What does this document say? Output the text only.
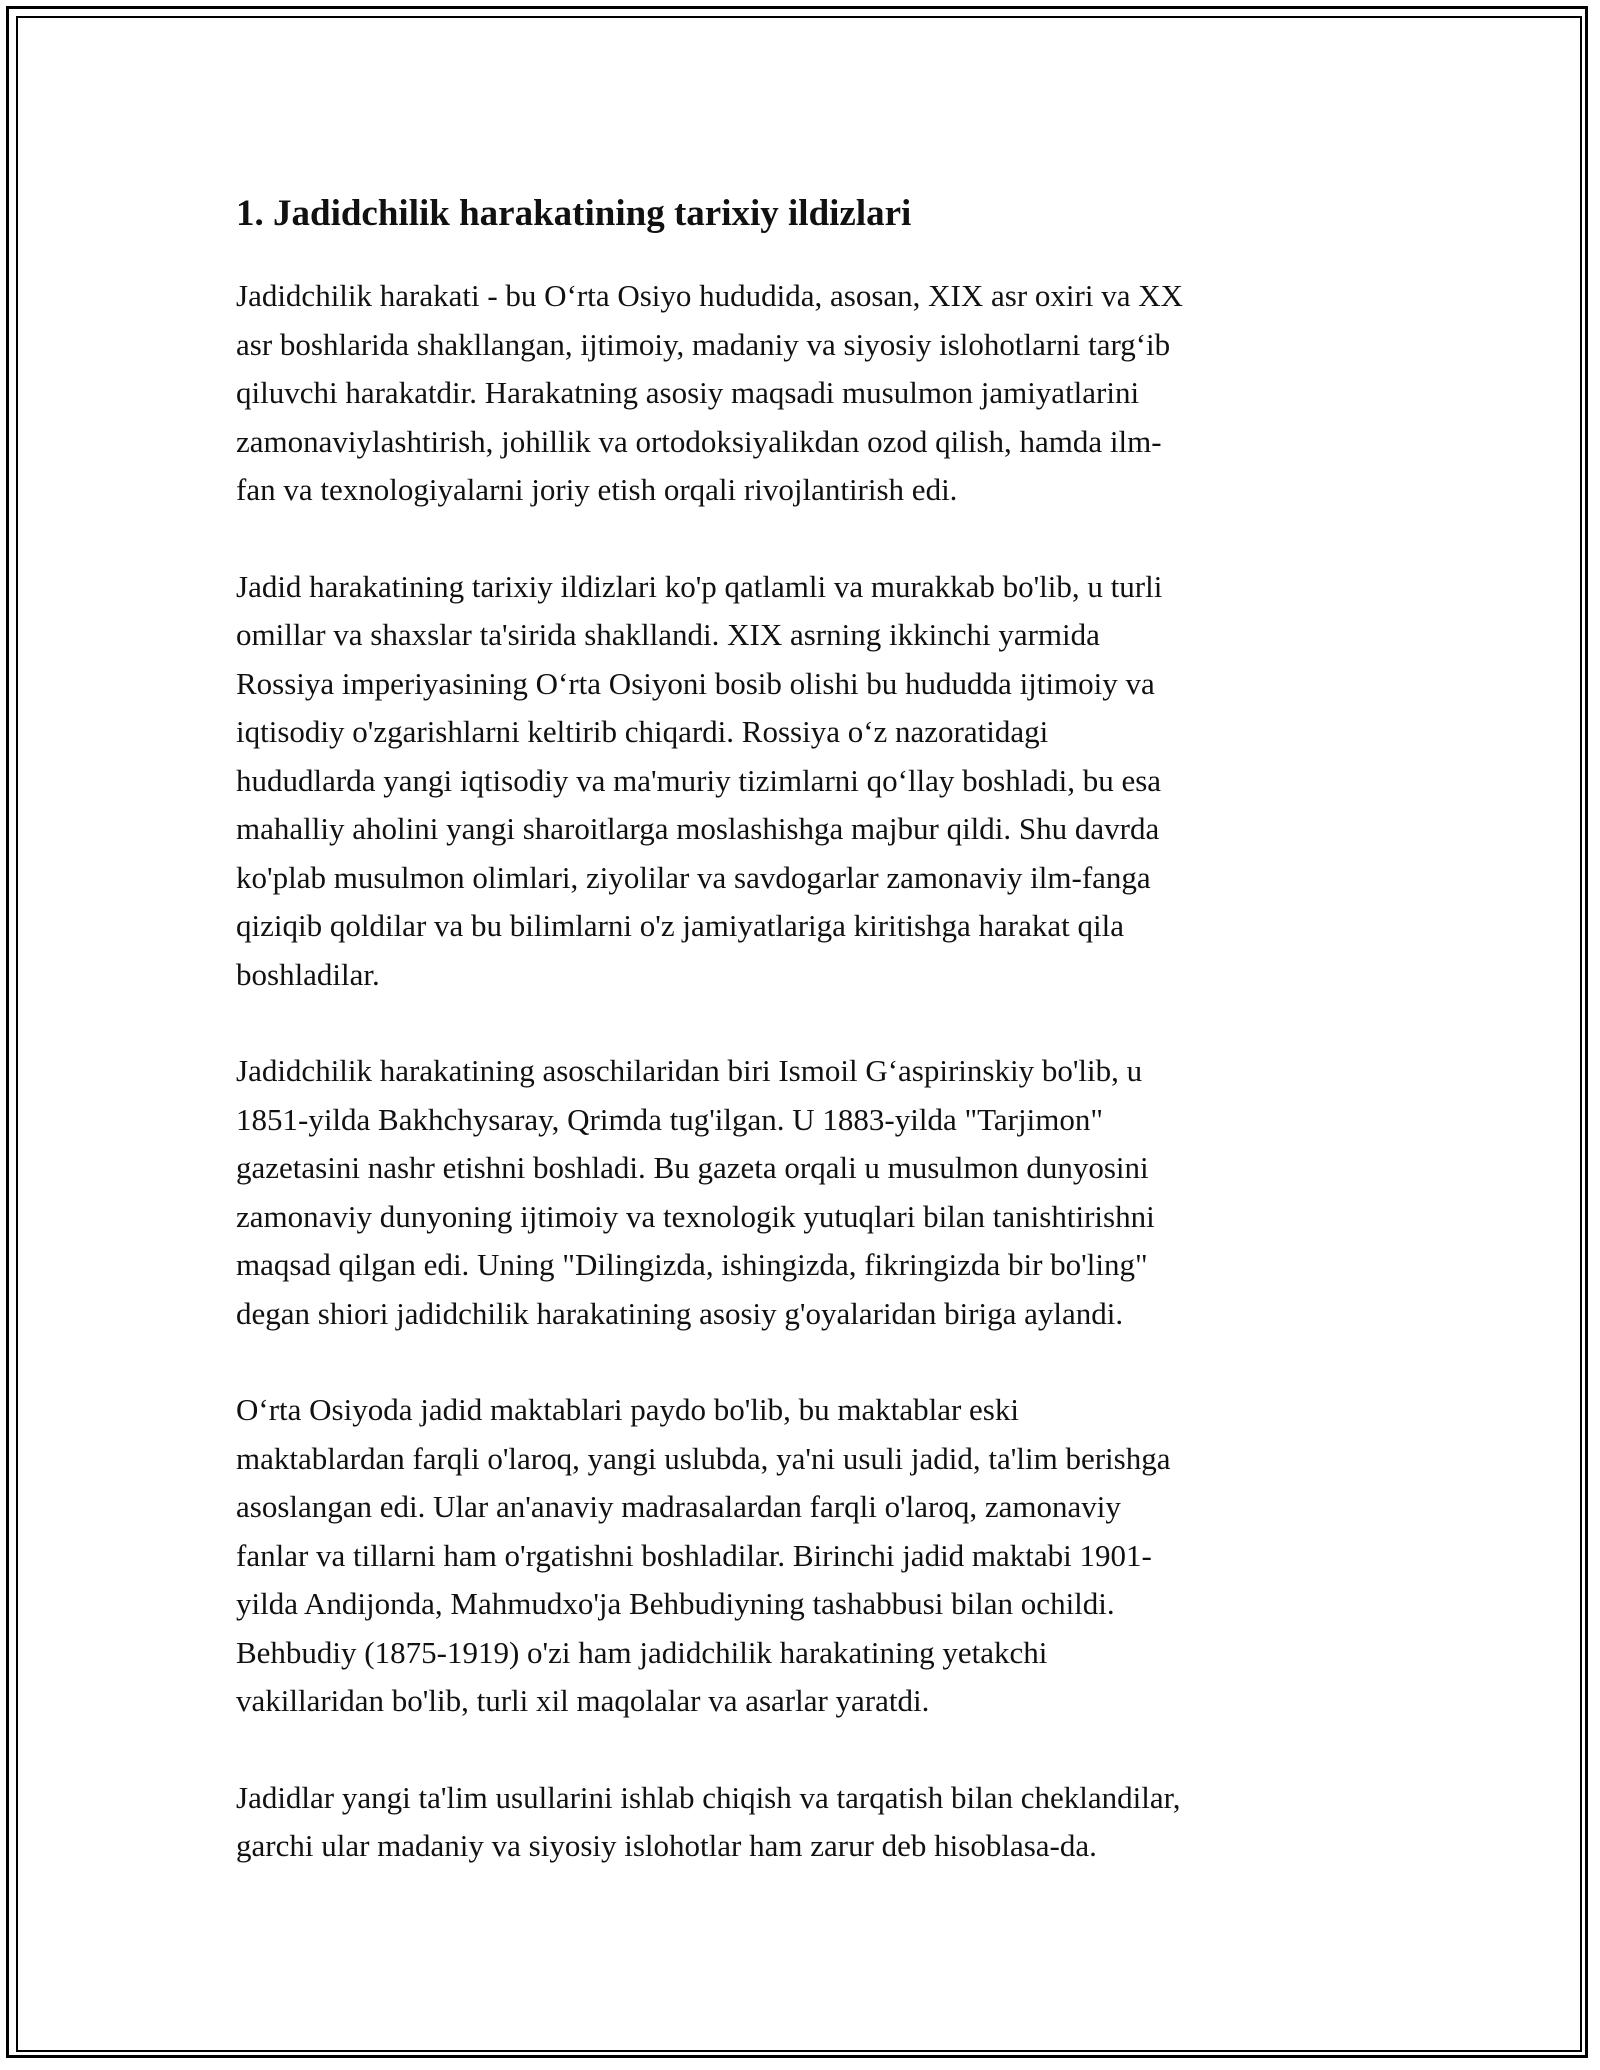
1. Jadidchilik harakatining tarixiy ildizlari

Jadidchilik harakati - bu O‘rta Osiyo hududida, asosan, XIX asr oxiri va XX
asr boshlarida shakllangan, ijtimoiy, madaniy va siyosiy islohotlarni targ‘ib
qiluvchi harakatdir. Harakatning asosiy maqsadi musulmon jamiyatlarini
zamonaviylashtirish, johillik va ortodoksiyalikdan ozod qilish, hamda ilm-
fan va texnologiyalarni joriy etish orqali rivojlantirish edi.

Jadid harakatining tarixiy ildizlari ko'p qatlamli va murakkab bo'lib, u turli
omillar va shaxslar ta'sirida shakllandi. XIX asrning ikkinchi yarmida
Rossiya imperiyasining O‘rta Osiyoni bosib olishi bu hududda ijtimoiy va
iqtisodiy o'zgarishlarni keltirib chiqardi. Rossiya o‘z nazoratidagi
hududlarda yangi iqtisodiy va ma'muriy tizimlarni qo‘llay boshladi, bu esa
mahalliy aholini yangi sharoitlarga moslashishga majbur qildi. Shu davrda
ko'plab musulmon olimlari, ziyolilar va savdogarlar zamonaviy ilm-fanga
qiziqib qoldilar va bu bilimlarni o'z jamiyatlariga kiritishga harakat qila
boshladilar.

Jadidchilik harakatining asoschilaridan biri Ismoil G‘aspirinskiy bo'lib, u
1851-yilda Bakhchysaray, Qrimda tug'ilgan. U 1883-yilda "Tarjimon"
gazetasini nashr etishni boshladi. Bu gazeta orqali u musulmon dunyosini
zamonaviy dunyoning ijtimoiy va texnologik yutuqlari bilan tanishtirishni
maqsad qilgan edi. Uning "Dilingizda, ishingizda, fikringizda bir bo'ling"
degan shiori jadidchilik harakatining asosiy g'oyalaridan biriga aylandi.

O‘rta Osiyoda jadid maktablari paydo bo'lib, bu maktablar eski
maktablardan farqli o'laroq, yangi uslubda, ya'ni usuli jadid, ta'lim berishga
asoslangan edi. Ular an'anaviy madrasalardan farqli o'laroq, zamonaviy
fanlar va tillarni ham o'rgatishni boshladilar. Birinchi jadid maktabi 1901-
yilda Andijonda, Mahmudxo'ja Behbudiyning tashabbusi bilan ochildi.
Behbudiy (1875-1919) o'zi ham jadidchilik harakatining yetakchi
vakillaridan bo'lib, turli xil maqolalar va asarlar yaratdi.

Jadidlar yangi ta'lim usullarini ishlab chiqish va tarqatish bilan cheklandilar,
garchi ular madaniy va siyosiy islohotlar ham zarur deb hisoblasa-da.
